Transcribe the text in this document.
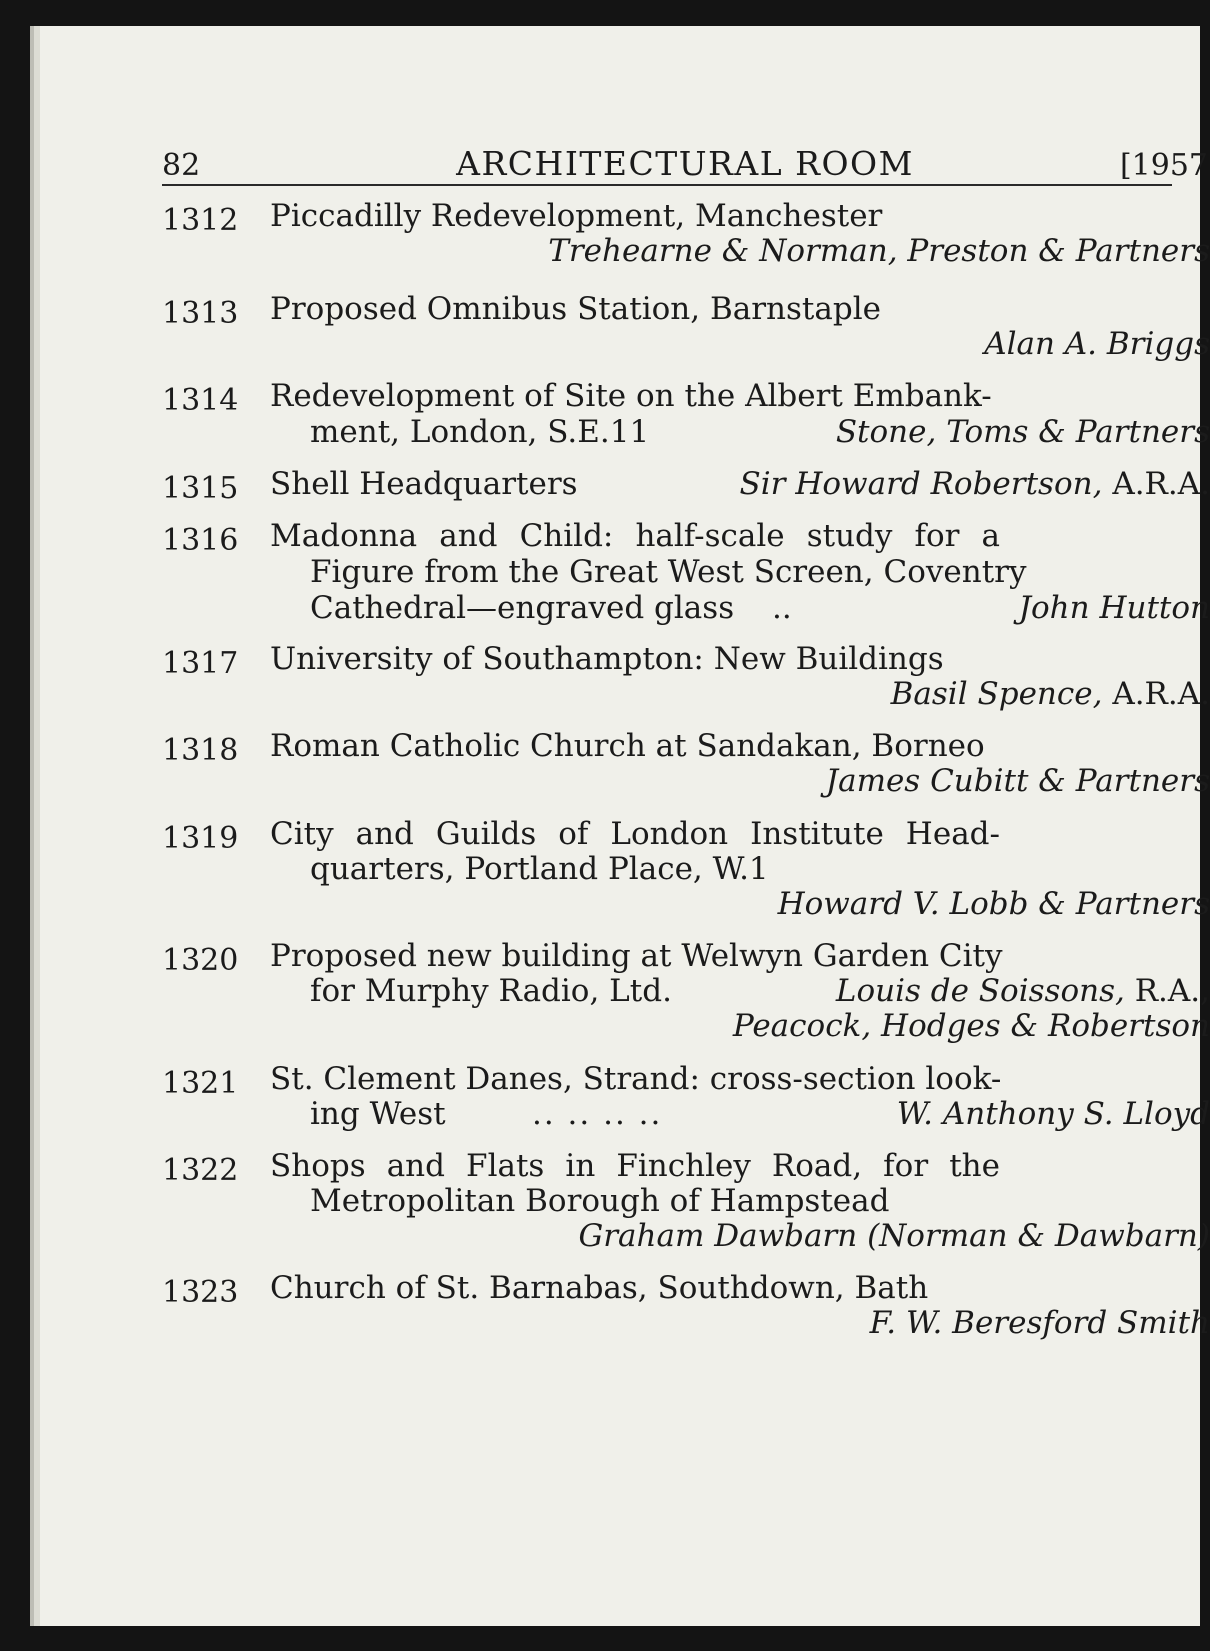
82	ARCHITECTURAL ROOM	[1957
1312 Piccadilly Redevelopment, Manchester
Trehearne & Norman, Preston & Partners
1313 Proposed Omnibus Station, Barnstaple
Alan A. Briggs
1314 Redevelopment of Site on the Albert Embank-
ment, London, S.E.11	Stone, Toms & Partners
1315 Shell Headquarters	Sir Howard Robertson, A.R.A.
1316 Madonna and Child: half-scale study for a
Figure from the Great West Screen, Coventry
Cathedral—engraved glass ..	John Hutton
1317 University of Southampton: New Buildings
Basil Spence, A.R.A.
1318 Roman Catholic Church at Sandakan, Borneo
James Cubitt & Partners
1319 City and Guilds of London Institute Head-
quarters, Portland Place, W.1
Howard V. Lobb & Partners
1320 Proposed new building at Welwyn Garden City
for Murphy Radio, Ltd.	Louis de Soissons, R.A.,
Peacock, Hodges & Robertson
1321 St. Clement Danes, Strand: cross-section look-
ing West	.. .. .. ..	W. Anthony S. Lloyd
1322 Shops and Flats in Finchley Road, for the
Metropolitan Borough of Hampstead
Graham Dawbarn (Norman & Dawbarn)
1323 Church of St. Barnabas, Southdown, Bath
F. W. Beresford Smith
